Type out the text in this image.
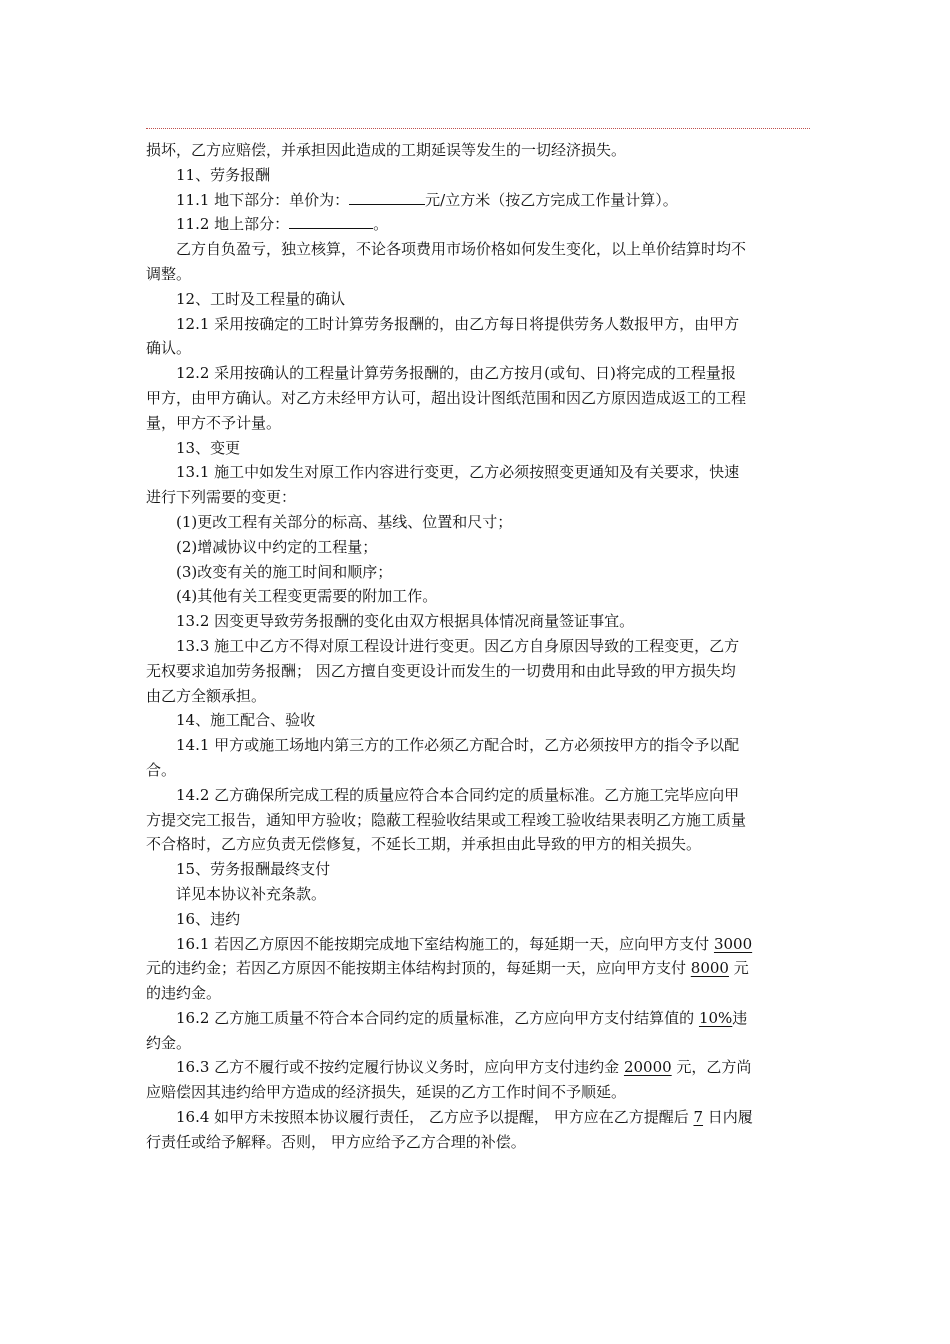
损坏，乙方应赔偿，并承担因此造成的工期延误等发生的一切经济损失。
11、劳务报酬
11.1 地下部分：单价为：	元/立方米（按乙方完成工作量计算）。
11.2 地上部分：	。
乙方自负盈亏，独立核算，不论各项费用市场价格如何发生变化，以上单价结算时均不
调整。
12、工时及工程量的确认
12.1 采用按确定的工时计算劳务报酬的，由乙方每日将提供劳务人数报甲方，由甲方
确认。
12.2 采用按确认的工程量计算劳务报酬的，由乙方按月(或旬、日)将完成的工程量报
甲方，由甲方确认。对乙方未经甲方认可，超出设计图纸范围和因乙方原因造成返工的工程
量，甲方不予计量。
13、变更
13.1 施工中如发生对原工作内容进行变更，乙方必须按照变更通知及有关要求，快速
进行下列需要的变更：
(1)更改工程有关部分的标高、基线、位置和尺寸；
(2)增减协议中约定的工程量；
(3)改变有关的施工时间和顺序；
(4)其他有关工程变更需要的附加工作。
13.2 因变更导致劳务报酬的变化由双方根据具体情况商量签证事宜。
13.3 施工中乙方不得对原工程设计进行变更。因乙方自身原因导致的工程变更，乙方
无权要求追加劳务报酬； 因乙方擅自变更设计而发生的一切费用和由此导致的甲方损失均
由乙方全额承担。
14、施工配合、验收
14.1 甲方或施工场地内第三方的工作必须乙方配合时，乙方必须按甲方的指令予以配
合。
14.2 乙方确保所完成工程的质量应符合本合同约定的质量标准。乙方施工完毕应向甲
方提交完工报告，通知甲方验收；隐蔽工程验收结果或工程竣工验收结果表明乙方施工质量
不合格时，乙方应负责无偿修复，不延长工期，并承担由此导致的甲方的相关损失。
15、劳务报酬最终支付
详见本协议补充条款。
16、违约
16.1 若因乙方原因不能按期完成地下室结构施工的，每延期一天，应向甲方支付 3000
元的违约金；若因乙方原因不能按期主体结构封顶的，每延期一天，应向甲方支付 8000 元
的违约金。
16.2 乙方施工质量不符合本合同约定的质量标准，乙方应向甲方支付结算值的 10%违
约金。
16.3 乙方不履行或不按约定履行协议义务时，应向甲方支付违约金 20000 元，乙方尚
应赔偿因其违约给甲方造成的经济损失，延误的乙方工作时间不予顺延。
16.4 如甲方未按照本协议履行责任， 乙方应予以提醒， 甲方应在乙方提醒后 7 日内履
行责任或给予解释。否则， 甲方应给予乙方合理的补偿。
